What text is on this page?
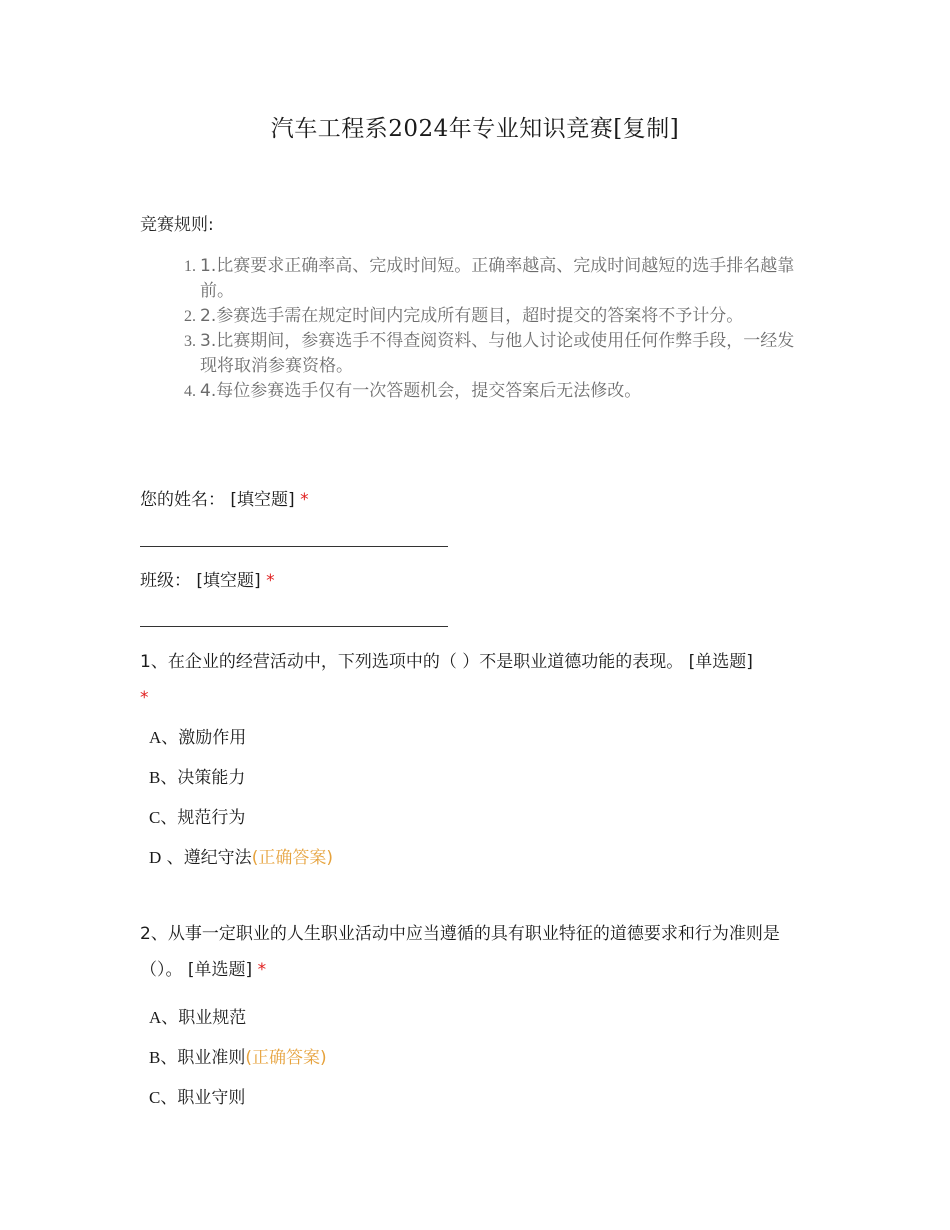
汽车工程系2024年专业知识竞赛[复制]
竞赛规则:
1. 1.比赛要求正确率高、完成时间短。正确率越高、完成时间越短的选手排名越靠前。
2. 2.参赛选手需在规定时间内完成所有题目，超时提交的答案将不予计分。
3. 3.比赛期间，参赛选手不得查阅资料、与他人讨论或使用任何作弊手段，一经发现将取消参赛资格。
4. 4.每位参赛选手仅有一次答题机会，提交答案后无法修改。
您的姓名： [填空题] *
班级： [填空题] *
1、在企业的经营活动中，下列选项中的（ ）不是职业道德功能的表现。 [单选题]
*
A、激励作用
B、决策能力
C、规范行为
D 、遵纪守法(正确答案)
2、从事一定职业的人生职业活动中应当遵循的具有职业特征的道德要求和行为准则是（）。 [单选题] *
A、职业规范
B、职业准则(正确答案)
C、职业守则
